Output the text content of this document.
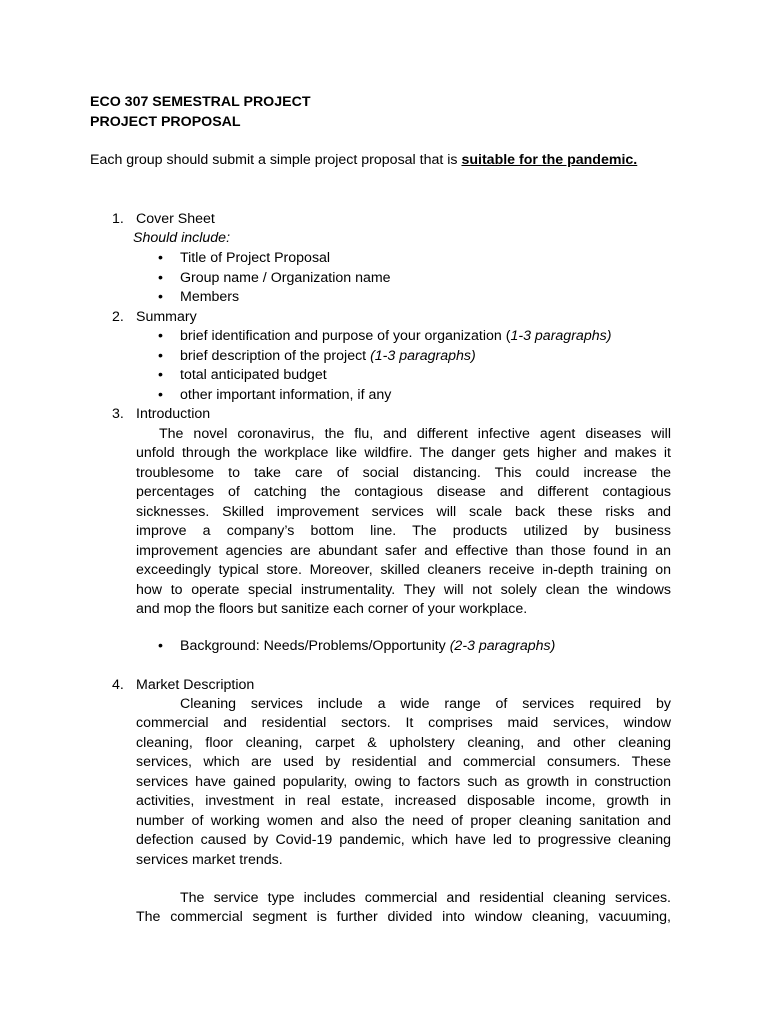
ECO 307 SEMESTRAL PROJECT
PROJECT PROPOSAL
Each group should submit a simple project proposal that is suitable for the pandemic.
1. Cover Sheet
Should include:
• Title of Project Proposal
• Group name / Organization name
• Members
2. Summary
• brief identification and purpose of your organization (1-3 paragraphs)
• brief description of the project (1-3 paragraphs)
• total anticipated budget
• other important information, if any
3. Introduction
The novel coronavirus, the flu, and different infective agent diseases will
unfold through the workplace like wildfire. The danger gets higher and makes it
troublesome to take care of social distancing. This could increase the
percentages of catching the contagious disease and different contagious
sicknesses. Skilled improvement services will scale back these risks and
improve a company’s bottom line. The products utilized by business
improvement agencies are abundant safer and effective than those found in an
exceedingly typical store. Moreover, skilled cleaners receive in-depth training on
how to operate special instrumentality. They will not solely clean the windows
and mop the floors but sanitize each corner of your workplace.
• Background: Needs/Problems/Opportunity (2-3 paragraphs)
4. Market Description
Cleaning services include a wide range of services required by
commercial and residential sectors. It comprises maid services, window
cleaning, floor cleaning, carpet & upholstery cleaning, and other cleaning
services, which are used by residential and commercial consumers. These
services have gained popularity, owing to factors such as growth in construction
activities, investment in real estate, increased disposable income, growth in
number of working women and also the need of proper cleaning sanitation and
defection caused by Covid-19 pandemic, which have led to progressive cleaning
services market trends.
The service type includes commercial and residential cleaning services.
The commercial segment is further divided into window cleaning, vacuuming,
